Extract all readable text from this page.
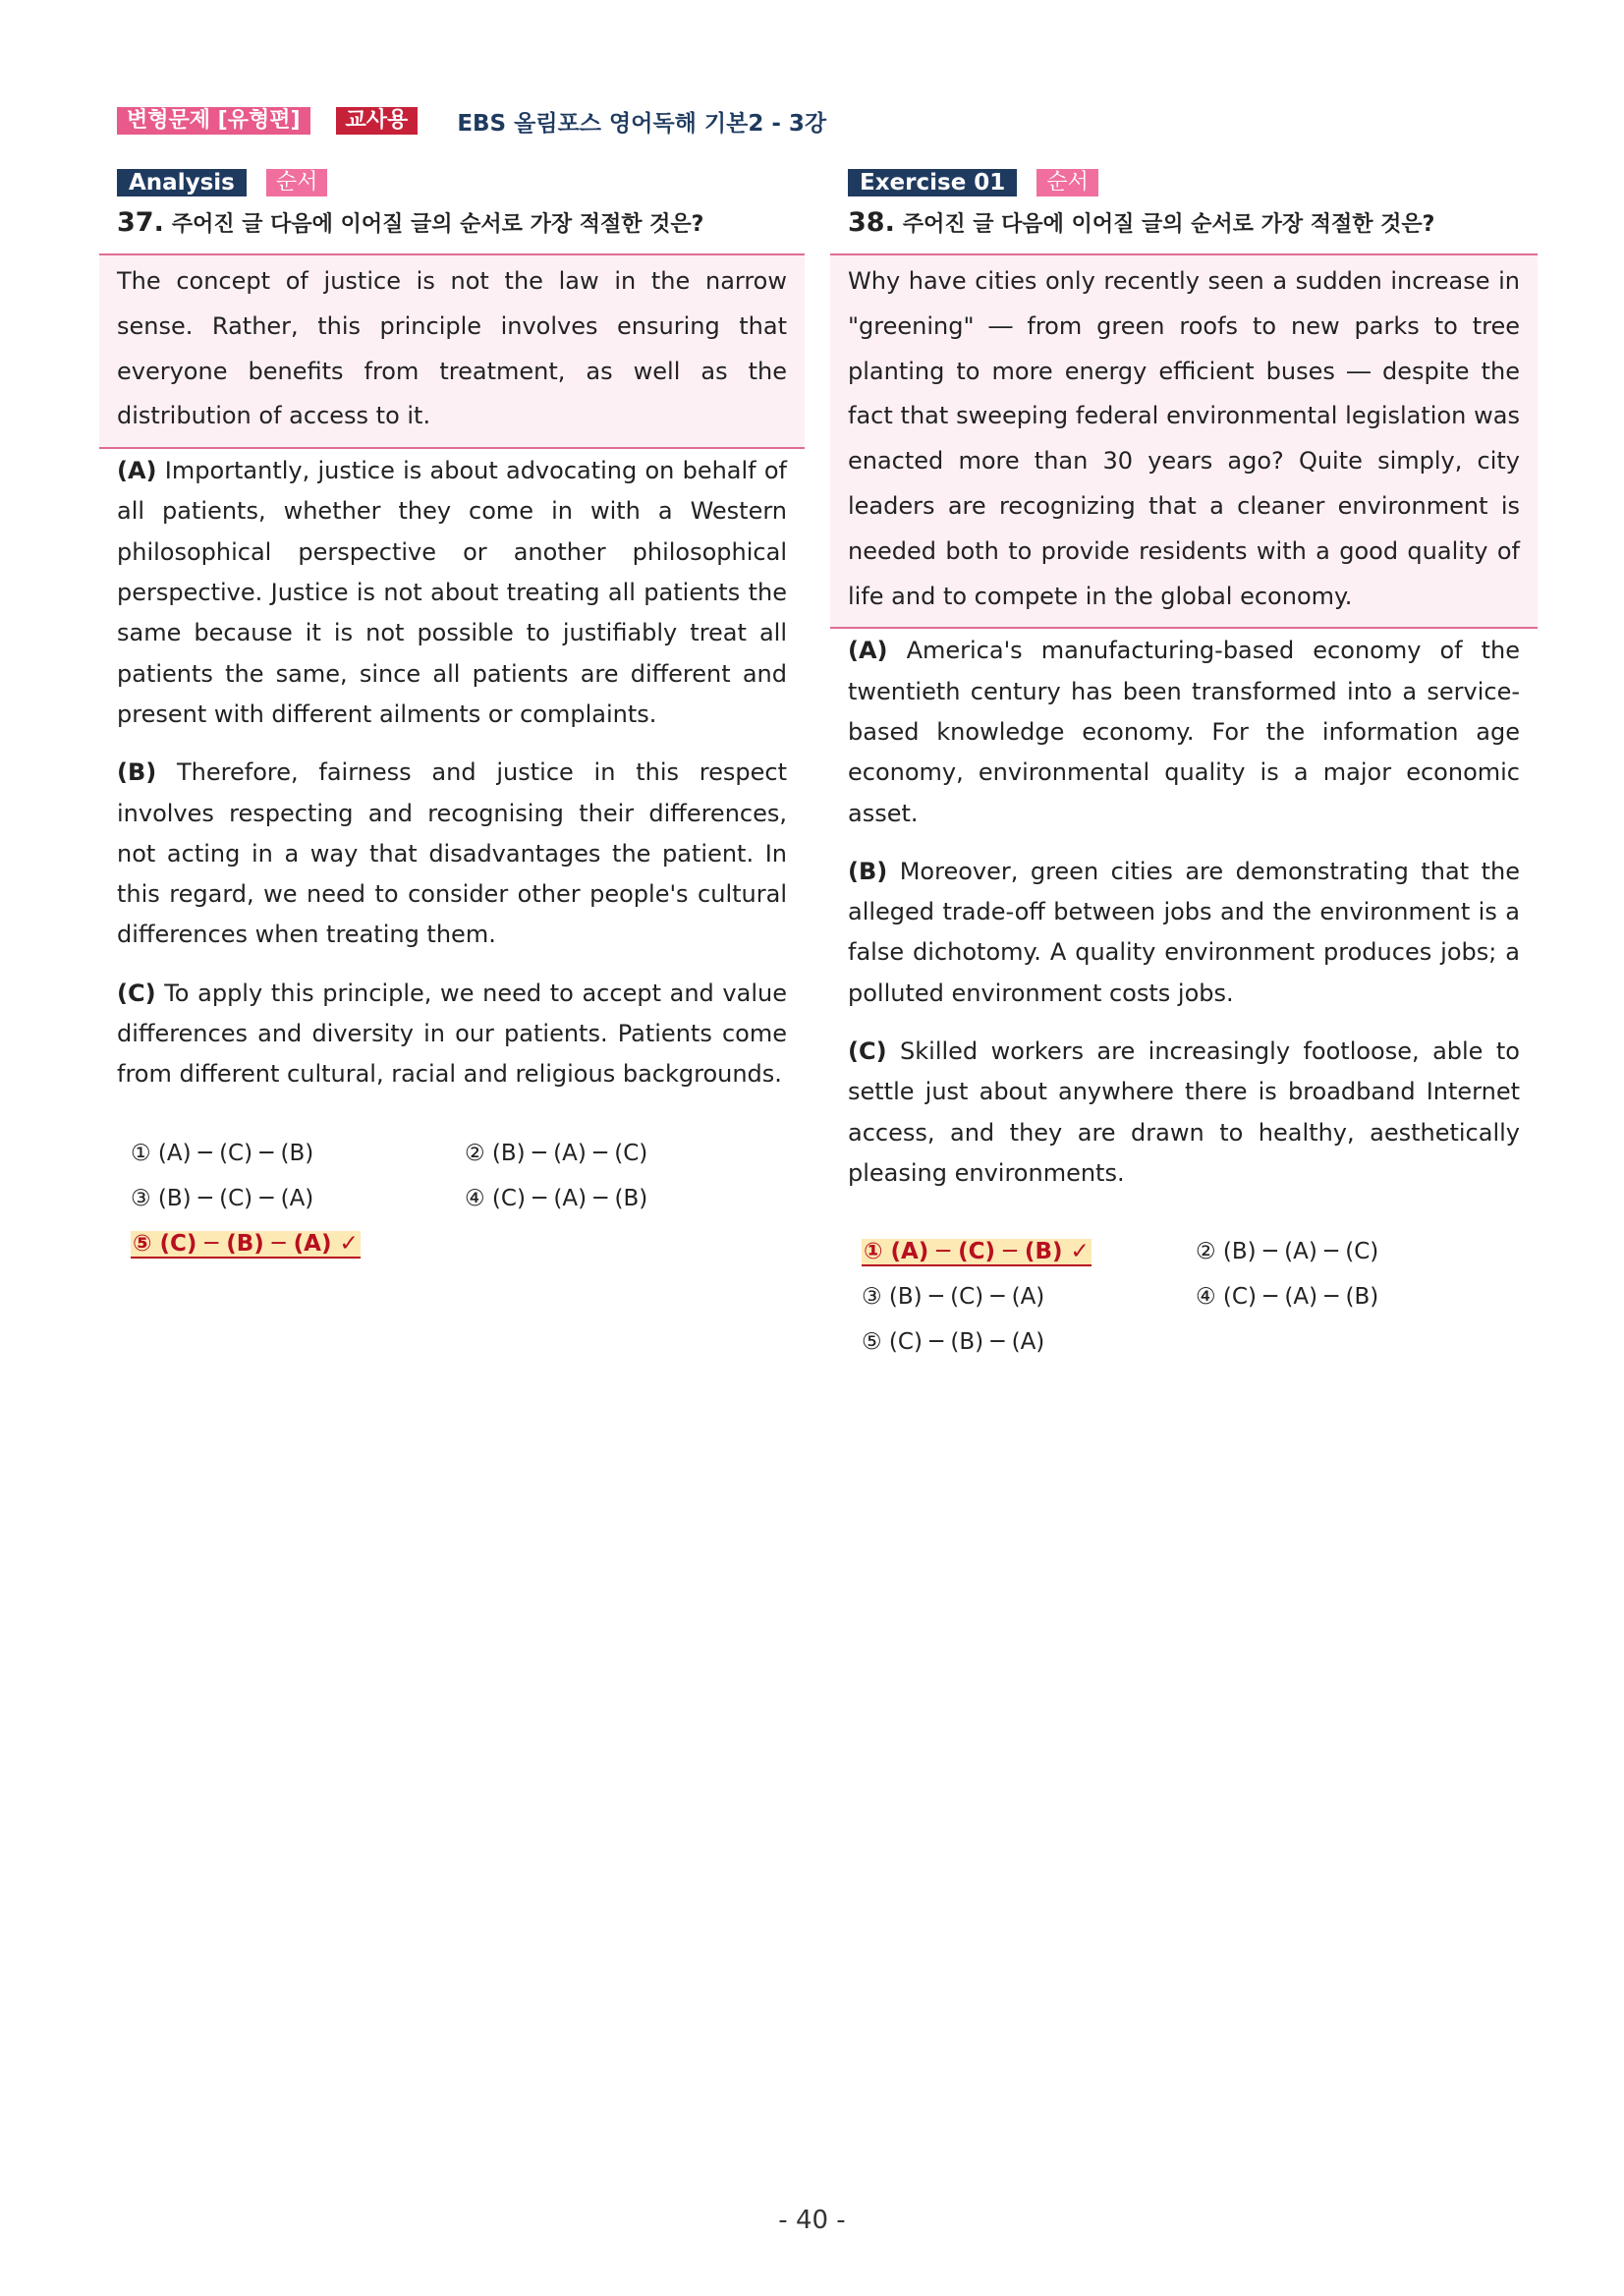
변형문제 [유형편]	교사용	EBS 올림포스 영어독해 기본2 - 3강
Analysis	순서
37. 주어진 글 다음에 이어질 글의 순서로 가장 적절한 것은?
The concept of justice is not the law in the narrow sense. Rather, this principle involves ensuring that everyone benefits from treatment, as well as the distribution of access to it.
(A) Importantly, justice is about advocating on behalf of all patients, whether they come in with a Western philosophical perspective or another philosophical perspective. Justice is not about treating all patients the same because it is not possible to justifiably treat all patients the same, since all patients are different and present with different ailments or complaints.
(B) Therefore, fairness and justice in this respect involves respecting and recognising their differences, not acting in a way that disadvantages the patient. In this regard, we need to consider other people's cultural differences when treating them.
(C) To apply this principle, we need to accept and value differences and diversity in our patients. Patients come from different cultural, racial and religious backgrounds.
① (A) ─ (C) ─ (B)	② (B) ─ (A) ─ (C)
③ (B) ─ (C) ─ (A)	④ (C) ─ (A) ─ (B)
⑤ (C) ─ (B) ─ (A) ✓
Exercise 01	순서
38. 주어진 글 다음에 이어질 글의 순서로 가장 적절한 것은?
Why have cities only recently seen a sudden increase in "greening" ― from green roofs to new parks to tree planting to more energy efficient buses ― despite the fact that sweeping federal environmental legislation was enacted more than 30 years ago? Quite simply, city leaders are recognizing that a cleaner environment is needed both to provide residents with a good quality of life and to compete in the global economy.
(A) America's manufacturing-based economy of the twentieth century has been transformed into a service-based knowledge economy. For the information age economy, environmental quality is a major economic asset.
(B) Moreover, green cities are demonstrating that the alleged trade-off between jobs and the environment is a false dichotomy. A quality environment produces jobs; a polluted environment costs jobs.
(C) Skilled workers are increasingly footloose, able to settle just about anywhere there is broadband Internet access, and they are drawn to healthy, aesthetically pleasing environments.
① (A) ─ (C) ─ (B) ✓	② (B) ─ (A) ─ (C)
③ (B) ─ (C) ─ (A)	④ (C) ─ (A) ─ (B)
⑤ (C) ─ (B) ─ (A)
- 40 -
